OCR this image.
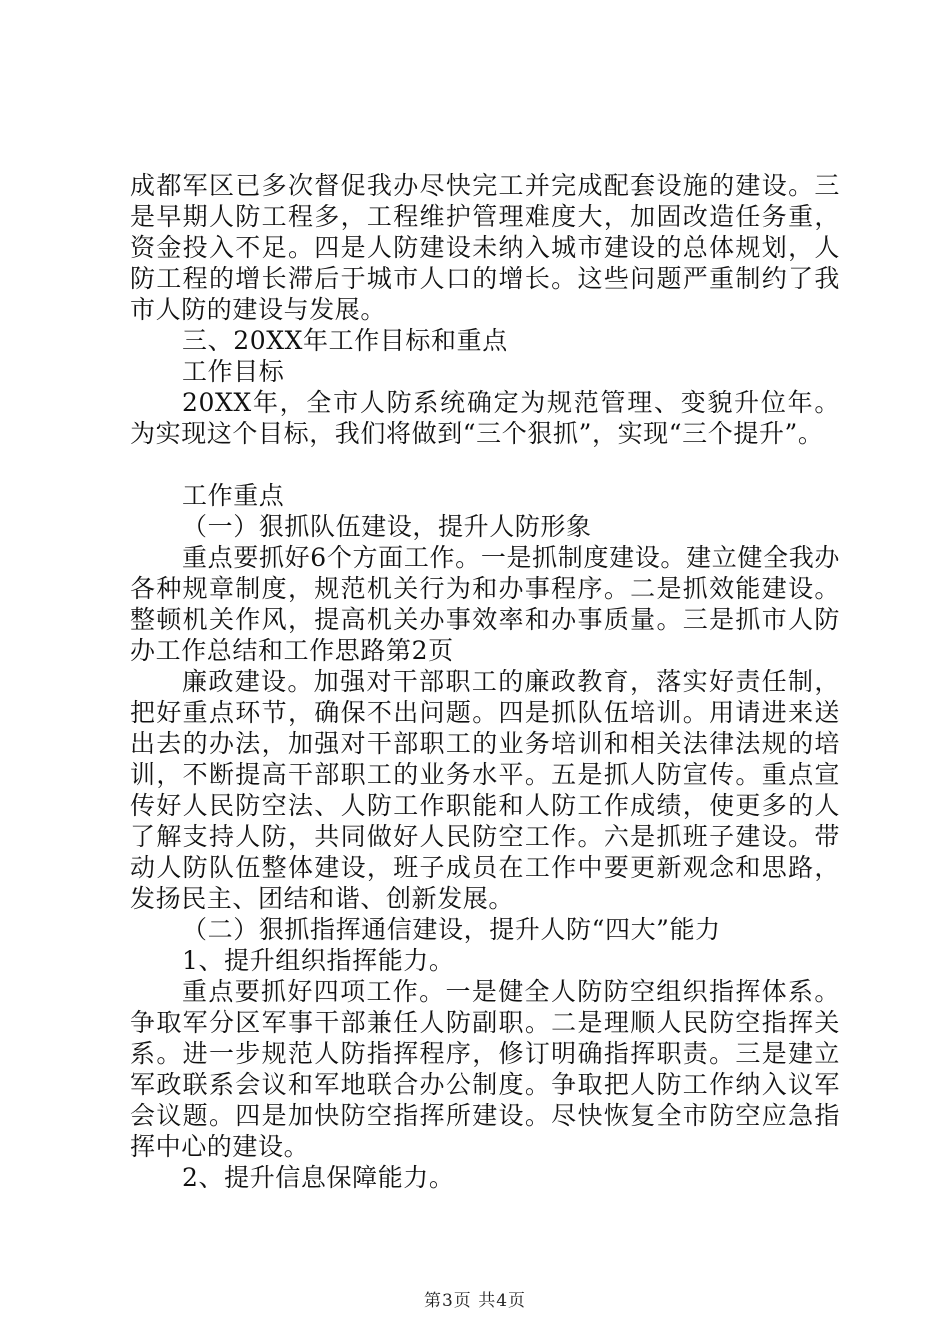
成都军区已多次督促我办尽快完工并完成配套设施的建设。三是早期人防工程多，工程维护管理难度大，加固改造任务重，资金投入不足。四是人防建设未纳入城市建设的总体规划，人防工程的增长滞后于城市人口的增长。这些问题严重制约了我市人防的建设与发展。

三、20XX年工作目标和重点

工作目标

20XX年，全市人防系统确定为规范管理、变貌升位年。为实现这个目标，我们将做到“三个狠抓”，实现“三个提升”。

工作重点

（一）狠抓队伍建设，提升人防形象

重点要抓好6个方面工作。一是抓制度建设。建立健全我办各种规章制度，规范机关行为和办事程序。二是抓效能建设。整顿机关作风，提高机关办事效率和办事质量。三是抓市人防办工作总结和工作思路第2页

廉政建设。加强对干部职工的廉政教育，落实好责任制，把好重点环节，确保不出问题。四是抓队伍培训。用请进来送出去的办法，加强对干部职工的业务培训和相关法律法规的培训，不断提高干部职工的业务水平。五是抓人防宣传。重点宣传好人民防空法、人防工作职能和人防工作成绩，使更多的人了解支持人防，共同做好人民防空工作。六是抓班子建设。带动人防队伍整体建设，班子成员在工作中要更新观念和思路，发扬民主、团结和谐、创新发展。

（二）狠抓指挥通信建设，提升人防“四大”能力

1、提升组织指挥能力。

重点要抓好四项工作。一是健全人防防空组织指挥体系。争取军分区军事干部兼任人防副职。二是理顺人民防空指挥关系。进一步规范人防指挥程序，修订明确指挥职责。三是建立军政联系会议和军地联合办公制度。争取把人防工作纳入议军会议题。四是加快防空指挥所建设。尽快恢复全市防空应急指挥中心的建设。

2、提升信息保障能力。

第3页 共4页
